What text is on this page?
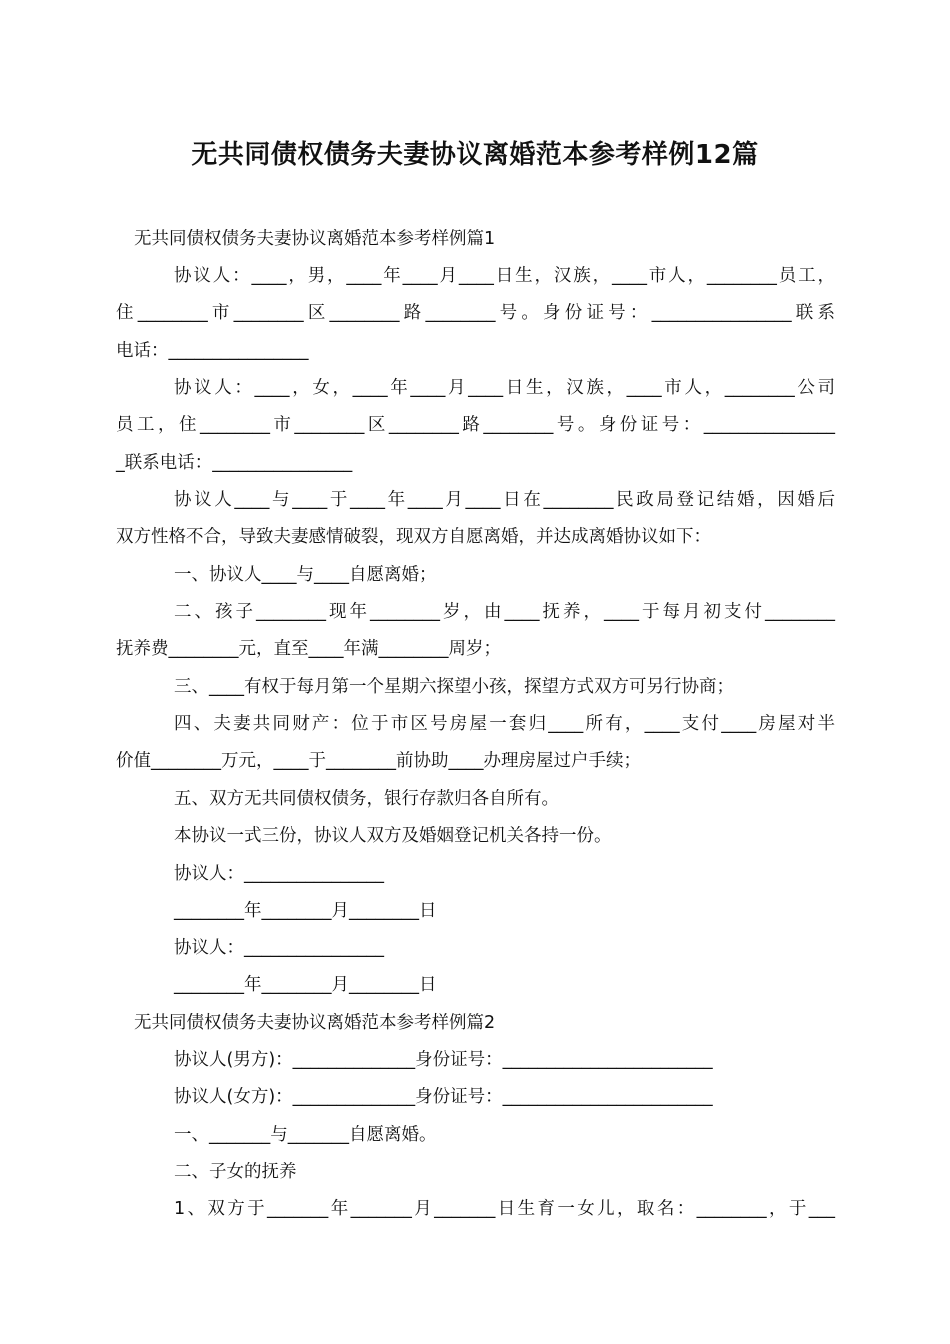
无共同债权债务夫妻协议离婚范本参考样例12篇
无共同债权债务夫妻协议离婚范本参考样例篇1
协议人：____，男，____年____月____日生，汉族，____市人，________员工，
住________市________区________路________号。身份证号：________________联系
电话：________________
协议人：____，女，____年____月____日生，汉族，____市人，________公司
员工，住________市________区________路________号。身份证号：_______________
_联系电话：________________
协议人____与____于____年____月____日在________民政局登记结婚，因婚后
双方性格不合，导致夫妻感情破裂，现双方自愿离婚，并达成离婚协议如下：
一、协议人____与____自愿离婚；
二、孩子________现年________岁，由____抚养，____于每月初支付________
抚养费________元，直至____年满________周岁；
三、____有权于每月第一个星期六探望小孩，探望方式双方可另行协商；
四、夫妻共同财产：位于市区号房屋一套归____所有，____支付____房屋对半
价值________万元，____于________前协助____办理房屋过户手续；
五、双方无共同债权债务，银行存款归各自所有。
本协议一式三份，协议人双方及婚姻登记机关各持一份。
协议人：________________
________年________月________日
协议人：________________
________年________月________日
无共同债权债务夫妻协议离婚范本参考样例篇2
协议人(男方)：______________身份证号：________________________
协议人(女方)：______________身份证号：________________________
一、_______与_______自愿离婚。
二、子女的抚养
1、双方于_______年_______月_______日生育一女儿，取名：________，于___
